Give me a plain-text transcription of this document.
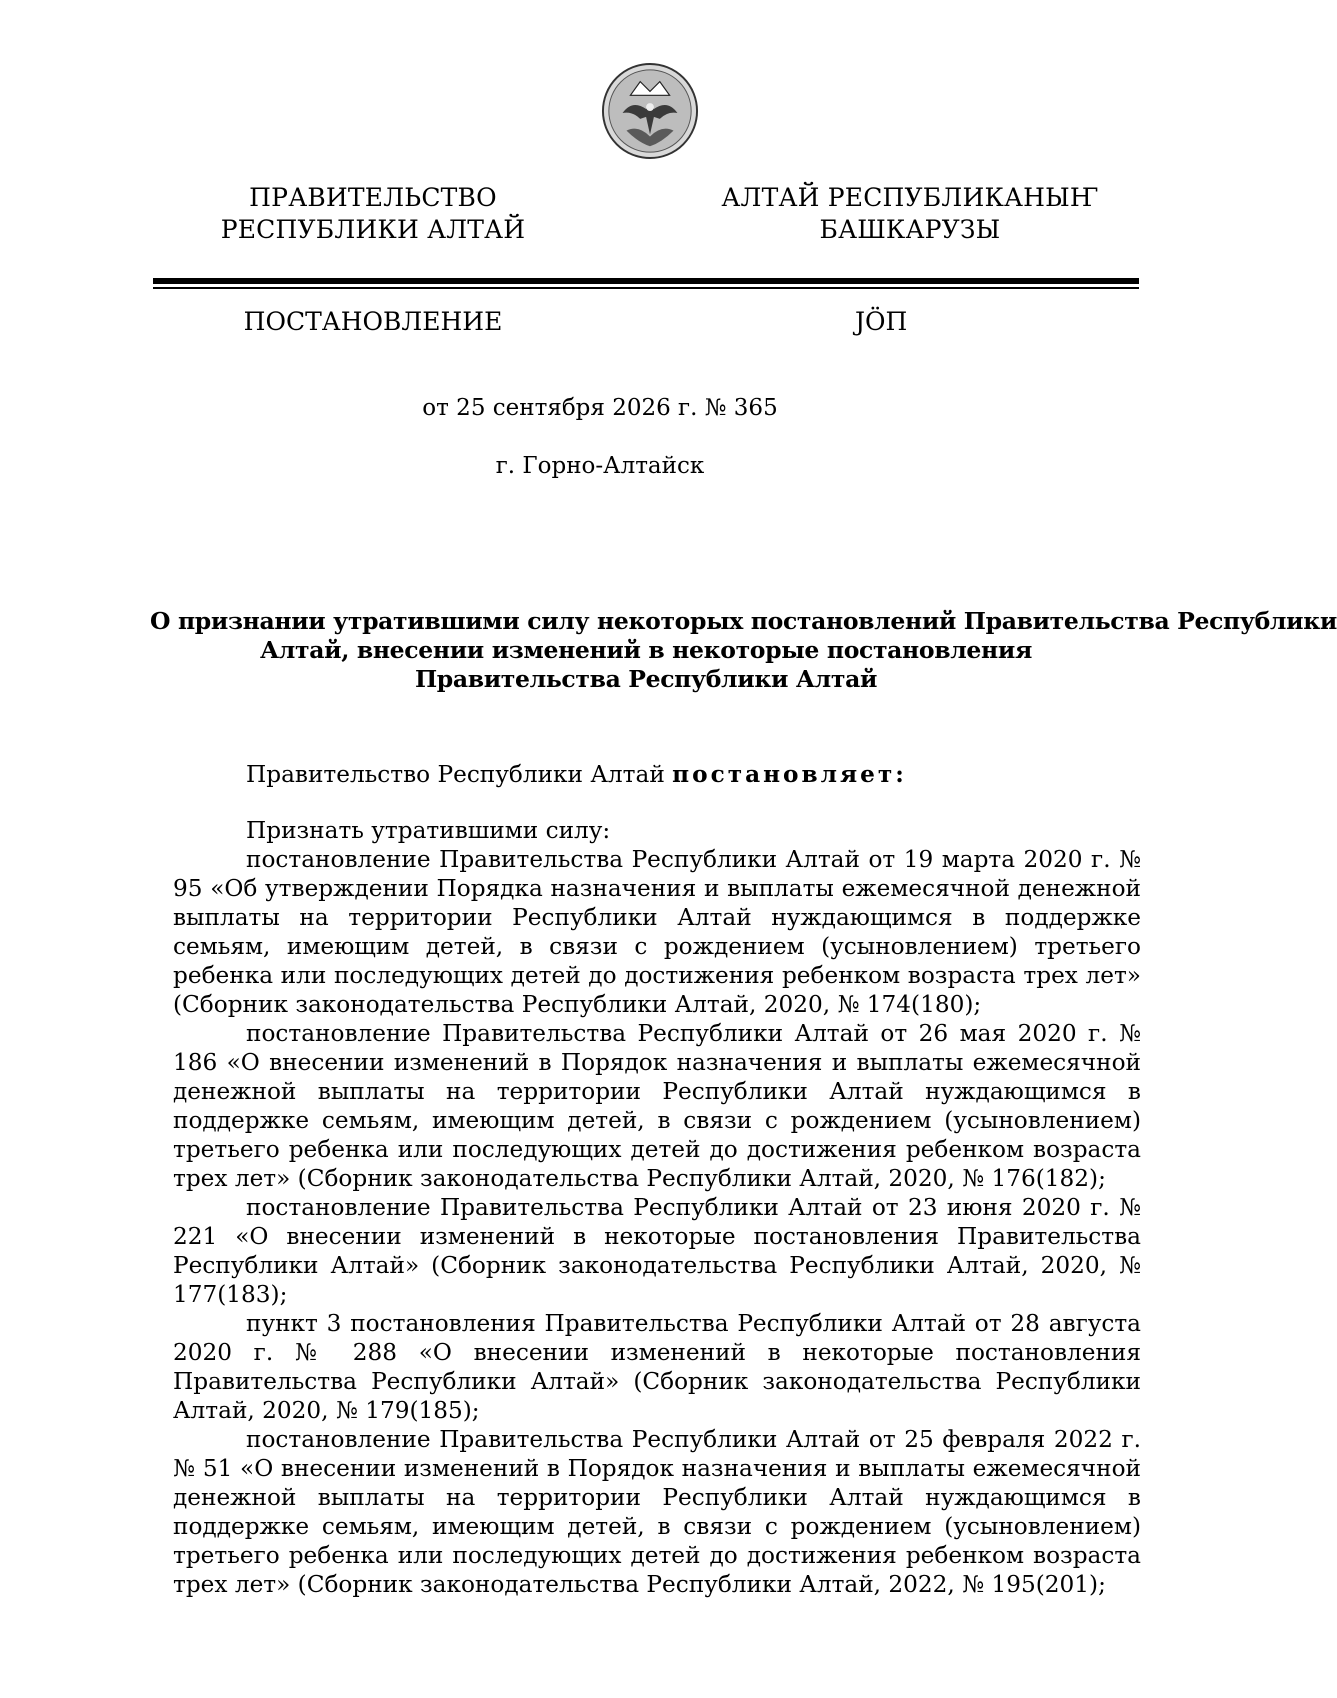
ПРАВИТЕЛЬСТВО
РЕСПУБЛИКИ АЛТАЙ
АЛТАЙ РЕСПУБЛИКАНЫҤ
БАШКАРУЗЫ
ПОСТАНОВЛЕНИЕ	ЈӦП
от 25 сентября 2026 г. № 365
г. Горно-Алтайск
О признании утратившими силу некоторых постановлений Правительства Республики
Алтай, внесении изменений в некоторые постановления
Правительства Республики Алтай

Правительство Республики Алтай постановляет:

Признать утратившими силу:

постановление Правительства Республики Алтай от 19 марта 2020 г. № 95 «Об утверждении Порядка назначения и выплаты ежемесячной денежной выплаты на территории Республики Алтай нуждающимся в поддержке семьям, имеющим детей, в связи с рождением (усыновлением) третьего ребенка или последующих детей до достижения ребенком возраста трех лет» (Сборник законодательства Республики Алтай, 2020, № 174(180);

постановление Правительства Республики Алтай от 26 мая 2020 г. № 186 «О внесении изменений в Порядок назначения и выплаты ежемесячной денежной выплаты на территории Республики Алтай нуждающимся в поддержке семьям, имеющим детей, в связи с рождением (усыновлением) третьего ребенка или последующих детей до достижения ребенком возраста трех лет» (Сборник законодательства Республики Алтай, 2020, № 176(182);

постановление Правительства Республики Алтай от 23 июня 2020 г. № 221 «О внесении изменений в некоторые постановления Правительства Республики Алтай» (Сборник законодательства Республики Алтай, 2020, № 177(183);

пункт 3 постановления Правительства Республики Алтай от 28 августа 2020 г. № 288 «О внесении изменений в некоторые постановления Правительства Республики Алтай» (Сборник законодательства Республики Алтай, 2020, № 179(185);

постановление Правительства Республики Алтай от 25 февраля 2022 г. № 51 «О внесении изменений в Порядок назначения и выплаты ежемесячной денежной выплаты на территории Республики Алтай нуждающимся в поддержке семьям, имеющим детей, в связи с рождением (усыновлением) третьего ребенка или последующих детей до достижения ребенком возраста трех лет» (Сборник законодательства Республики Алтай, 2022, № 195(201);
